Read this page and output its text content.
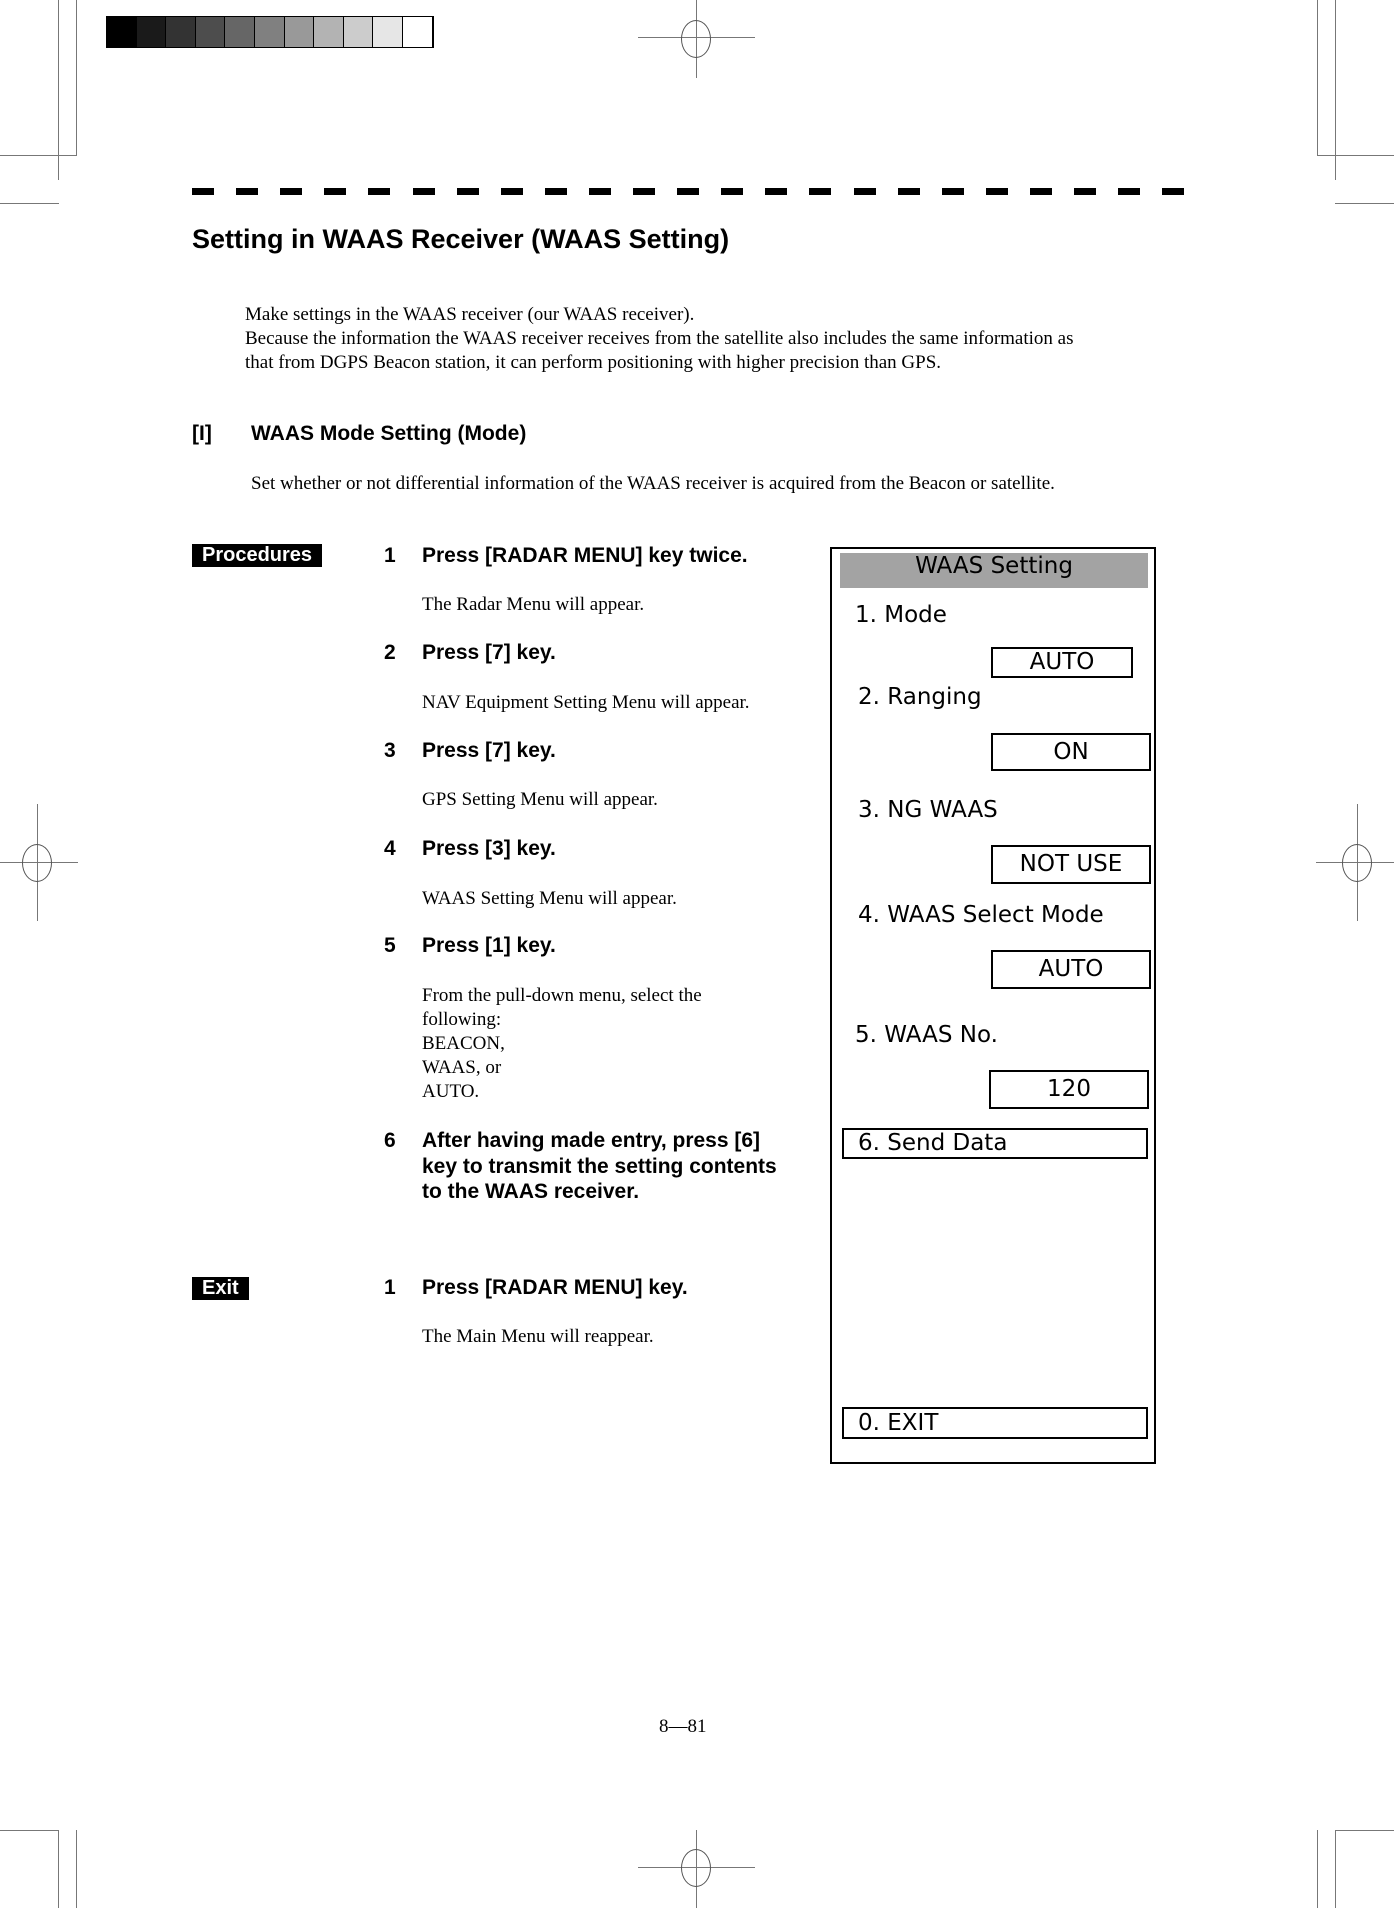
Setting in WAAS Receiver (WAAS Setting)
Make settings in the WAAS receiver (our WAAS receiver).
Because the information the WAAS receiver receives from the satellite also includes the same information as
that from DGPS Beacon station, it can perform positioning with higher precision than GPS.
[I] WAAS Mode Setting (Mode)
Set whether or not differential information of the WAAS receiver is acquired from the Beacon or satellite.
Procedures	1 Press [RADAR MENU] key twice.
The Radar Menu will appear.
2 Press [7] key.
NAV Equipment Setting Menu will appear.
3 Press [7] key.
GPS Setting Menu will appear.
4 Press [3] key.
WAAS Setting Menu will appear.
5 Press [1] key.
From the pull-down menu, select the
following:
BEACON,
WAAS, or
AUTO.
6 After having made entry, press [6]
key to transmit the setting contents
to the WAAS receiver.
Exit	1 Press [RADAR MENU] key.
The Main Menu will reappear.
WAAS Setting
1. Mode
AUTO
2. Ranging
ON
3. NG WAAS
NOT USE
4. WAAS Select Mode
AUTO
5. WAAS No.
120
6. Send Data
0. EXIT
8—81
